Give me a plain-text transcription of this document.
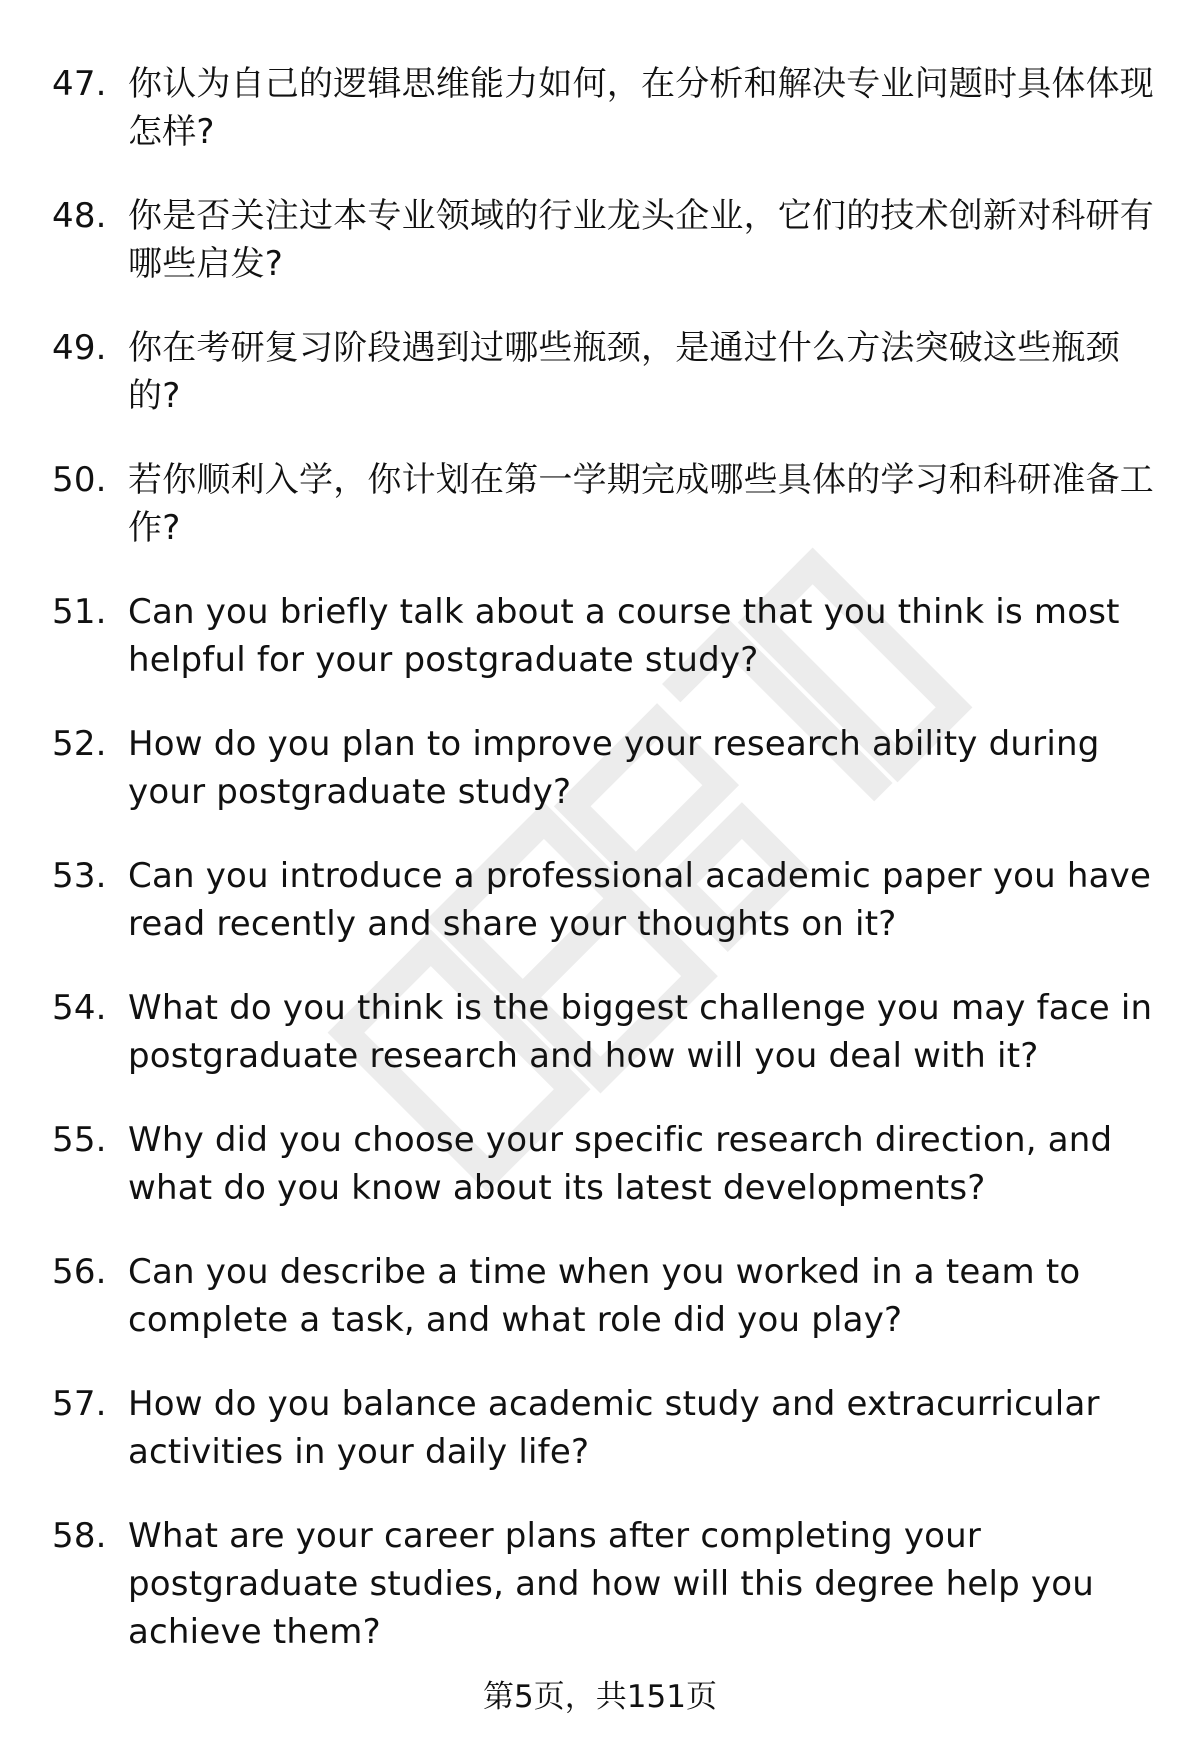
47. 你认为自己的逻辑思维能力如何，在分析和解决专业问题时具体体现怎样?
48. 你是否关注过本专业领域的行业龙头企业，它们的技术创新对科研有哪些启发?
49. 你在考研复习阶段遇到过哪些瓶颈，是通过什么方法突破这些瓶颈的?
50. 若你顺利入学，你计划在第一学期完成哪些具体的学习和科研准备工作?
51. Can you briefly talk about a course that you think is most helpful for your postgraduate study?
52. How do you plan to improve your research ability during your postgraduate study?
53. Can you introduce a professional academic paper you have read recently and share your thoughts on it?
54. What do you think is the biggest challenge you may face in postgraduate research and how will you deal with it?
55. Why did you choose your specific research direction, and what do you know about its latest developments?
56. Can you describe a time when you worked in a team to complete a task, and what role did you play?
57. How do you balance academic study and extracurricular activities in your daily life?
58. What are your career plans after completing your postgraduate studies, and how will this degree help you achieve them?
第5页，共151页
